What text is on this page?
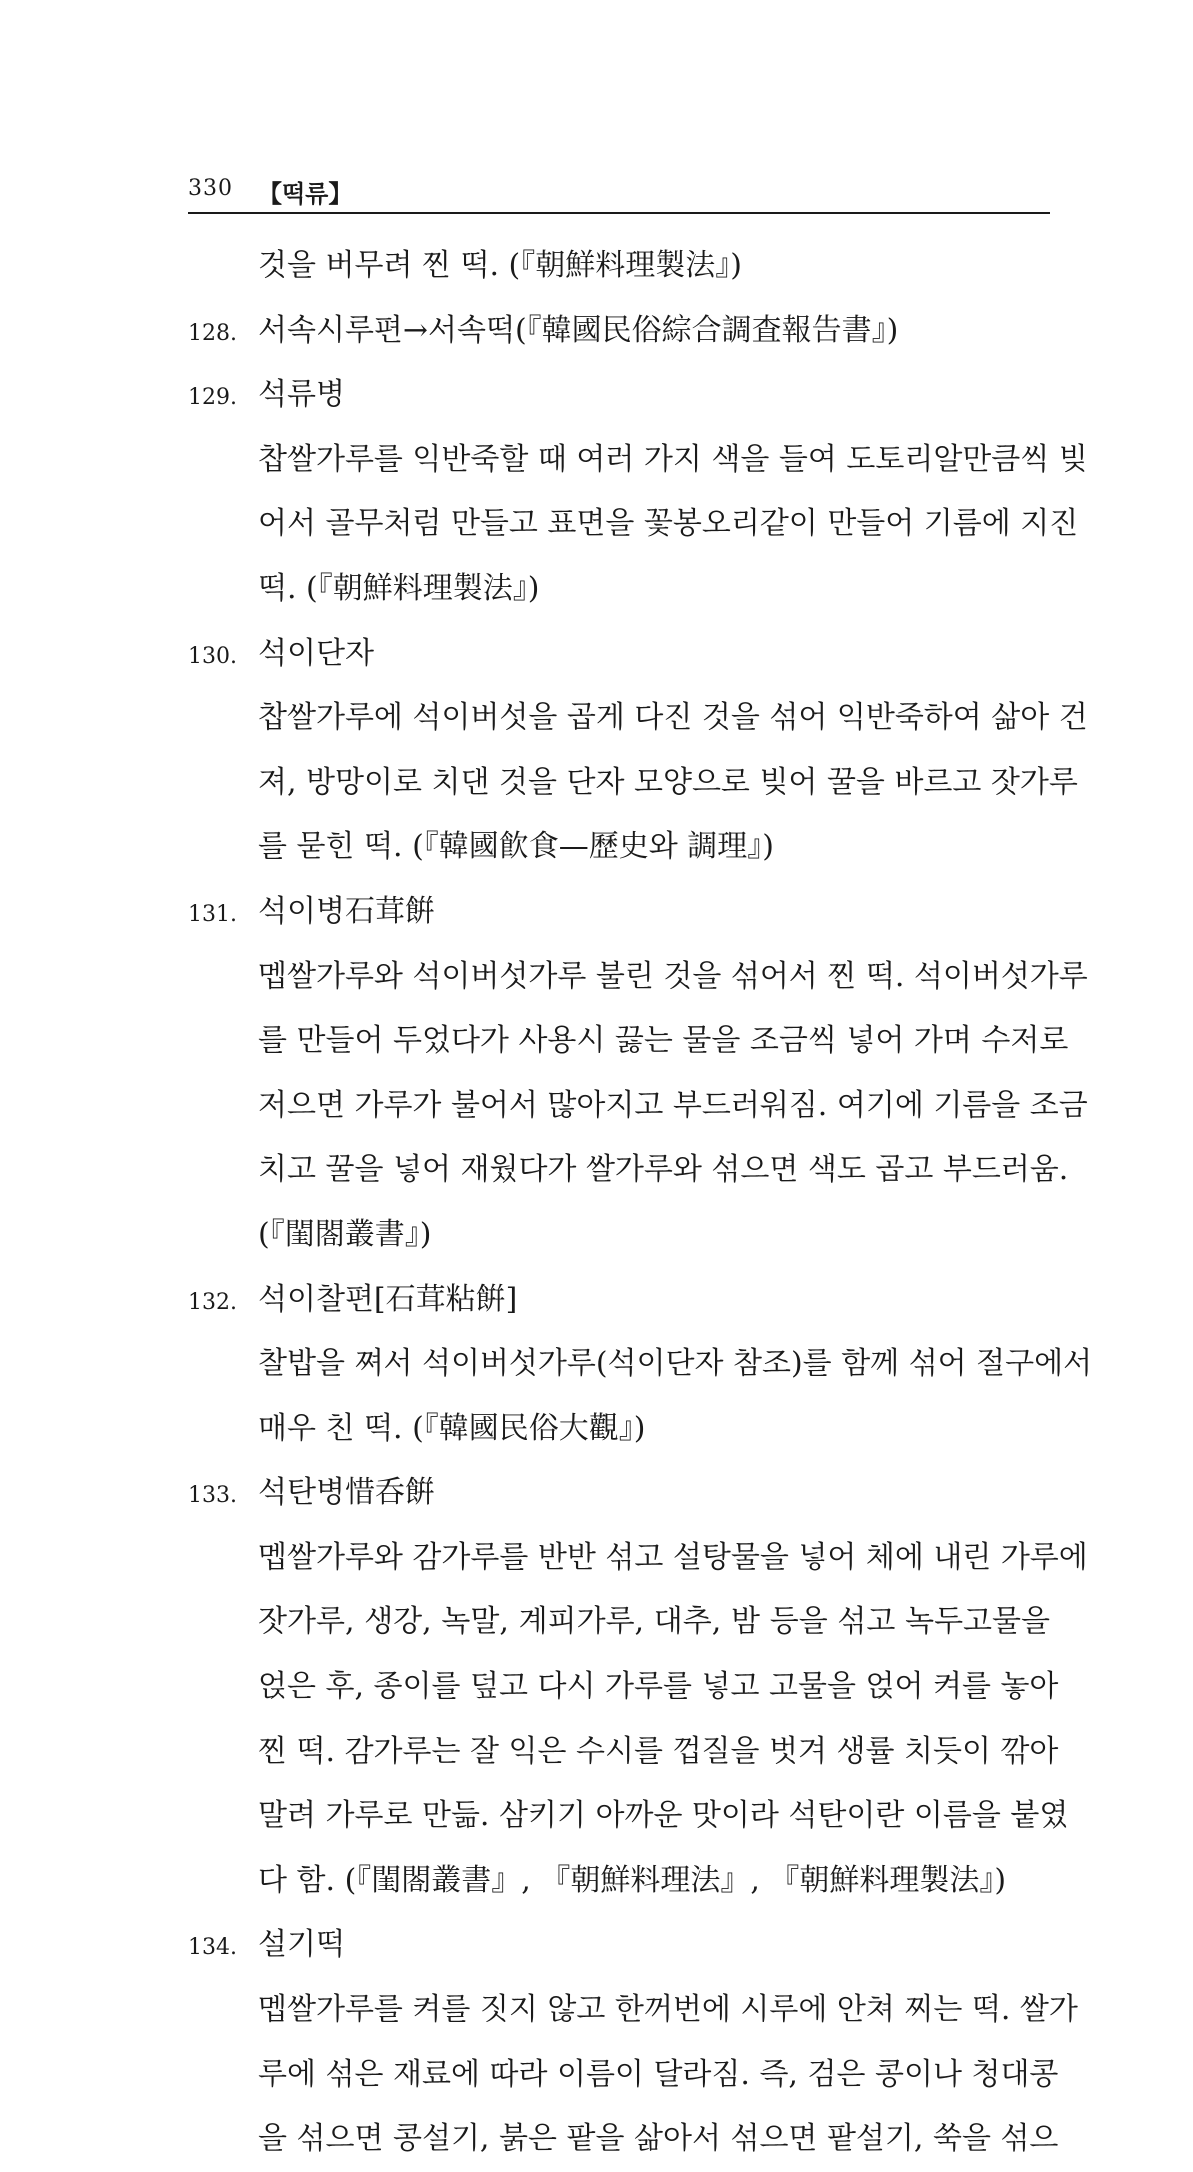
330 【떡류】
것을 버무려 찐 떡. (『朝鮮料理製法』)
128. 서속시루편→서속떡(『韓國民俗綜合調査報告書』)
129. 석류병
찹쌀가루를 익반죽할 때 여러 가지 색을 들여 도토리알만큼씩 빚
어서 골무처럼 만들고 표면을 꽃봉오리같이 만들어 기름에 지진
떡. (『朝鮮料理製法』)
130. 석이단자
찹쌀가루에 석이버섯을 곱게 다진 것을 섞어 익반죽하여 삶아 건
져, 방망이로 치댄 것을 단자 모양으로 빚어 꿀을 바르고 잣가루
를 묻힌 떡. (『韓國飮食—歷史와 調理』)
131. 석이병石茸餠
멥쌀가루와 석이버섯가루 불린 것을 섞어서 찐 떡. 석이버섯가루
를 만들어 두었다가 사용시 끓는 물을 조금씩 넣어 가며 수저로
저으면 가루가 불어서 많아지고 부드러워짐. 여기에 기름을 조금
치고 꿀을 넣어 재웠다가 쌀가루와 섞으면 색도 곱고 부드러움.
(『閨閤叢書』)
132. 석이찰편[石茸粘餠]
찰밥을 쪄서 석이버섯가루(석이단자 참조)를 함께 섞어 절구에서
매우 친 떡. (『韓國民俗大觀』)
133. 석탄병惜呑餠
멥쌀가루와 감가루를 반반 섞고 설탕물을 넣어 체에 내린 가루에
잣가루, 생강, 녹말, 계피가루, 대추, 밤 등을 섞고 녹두고물을
얹은 후, 종이를 덮고 다시 가루를 넣고 고물을 얹어 켜를 놓아
찐 떡. 감가루는 잘 익은 수시를 껍질을 벗겨 생률 치듯이 깎아
말려 가루로 만듦. 삼키기 아까운 맛이라 석탄이란 이름을 붙였
다 함. (『閨閤叢書』, 『朝鮮料理法』, 『朝鮮料理製法』)
134. 설기떡
멥쌀가루를 켜를 짓지 않고 한꺼번에 시루에 안쳐 찌는 떡. 쌀가
루에 섞은 재료에 따라 이름이 달라짐. 즉, 검은 콩이나 청대콩
을 섞으면 콩설기, 붉은 팥을 삶아서 섞으면 팥설기, 쑥을 섞으
